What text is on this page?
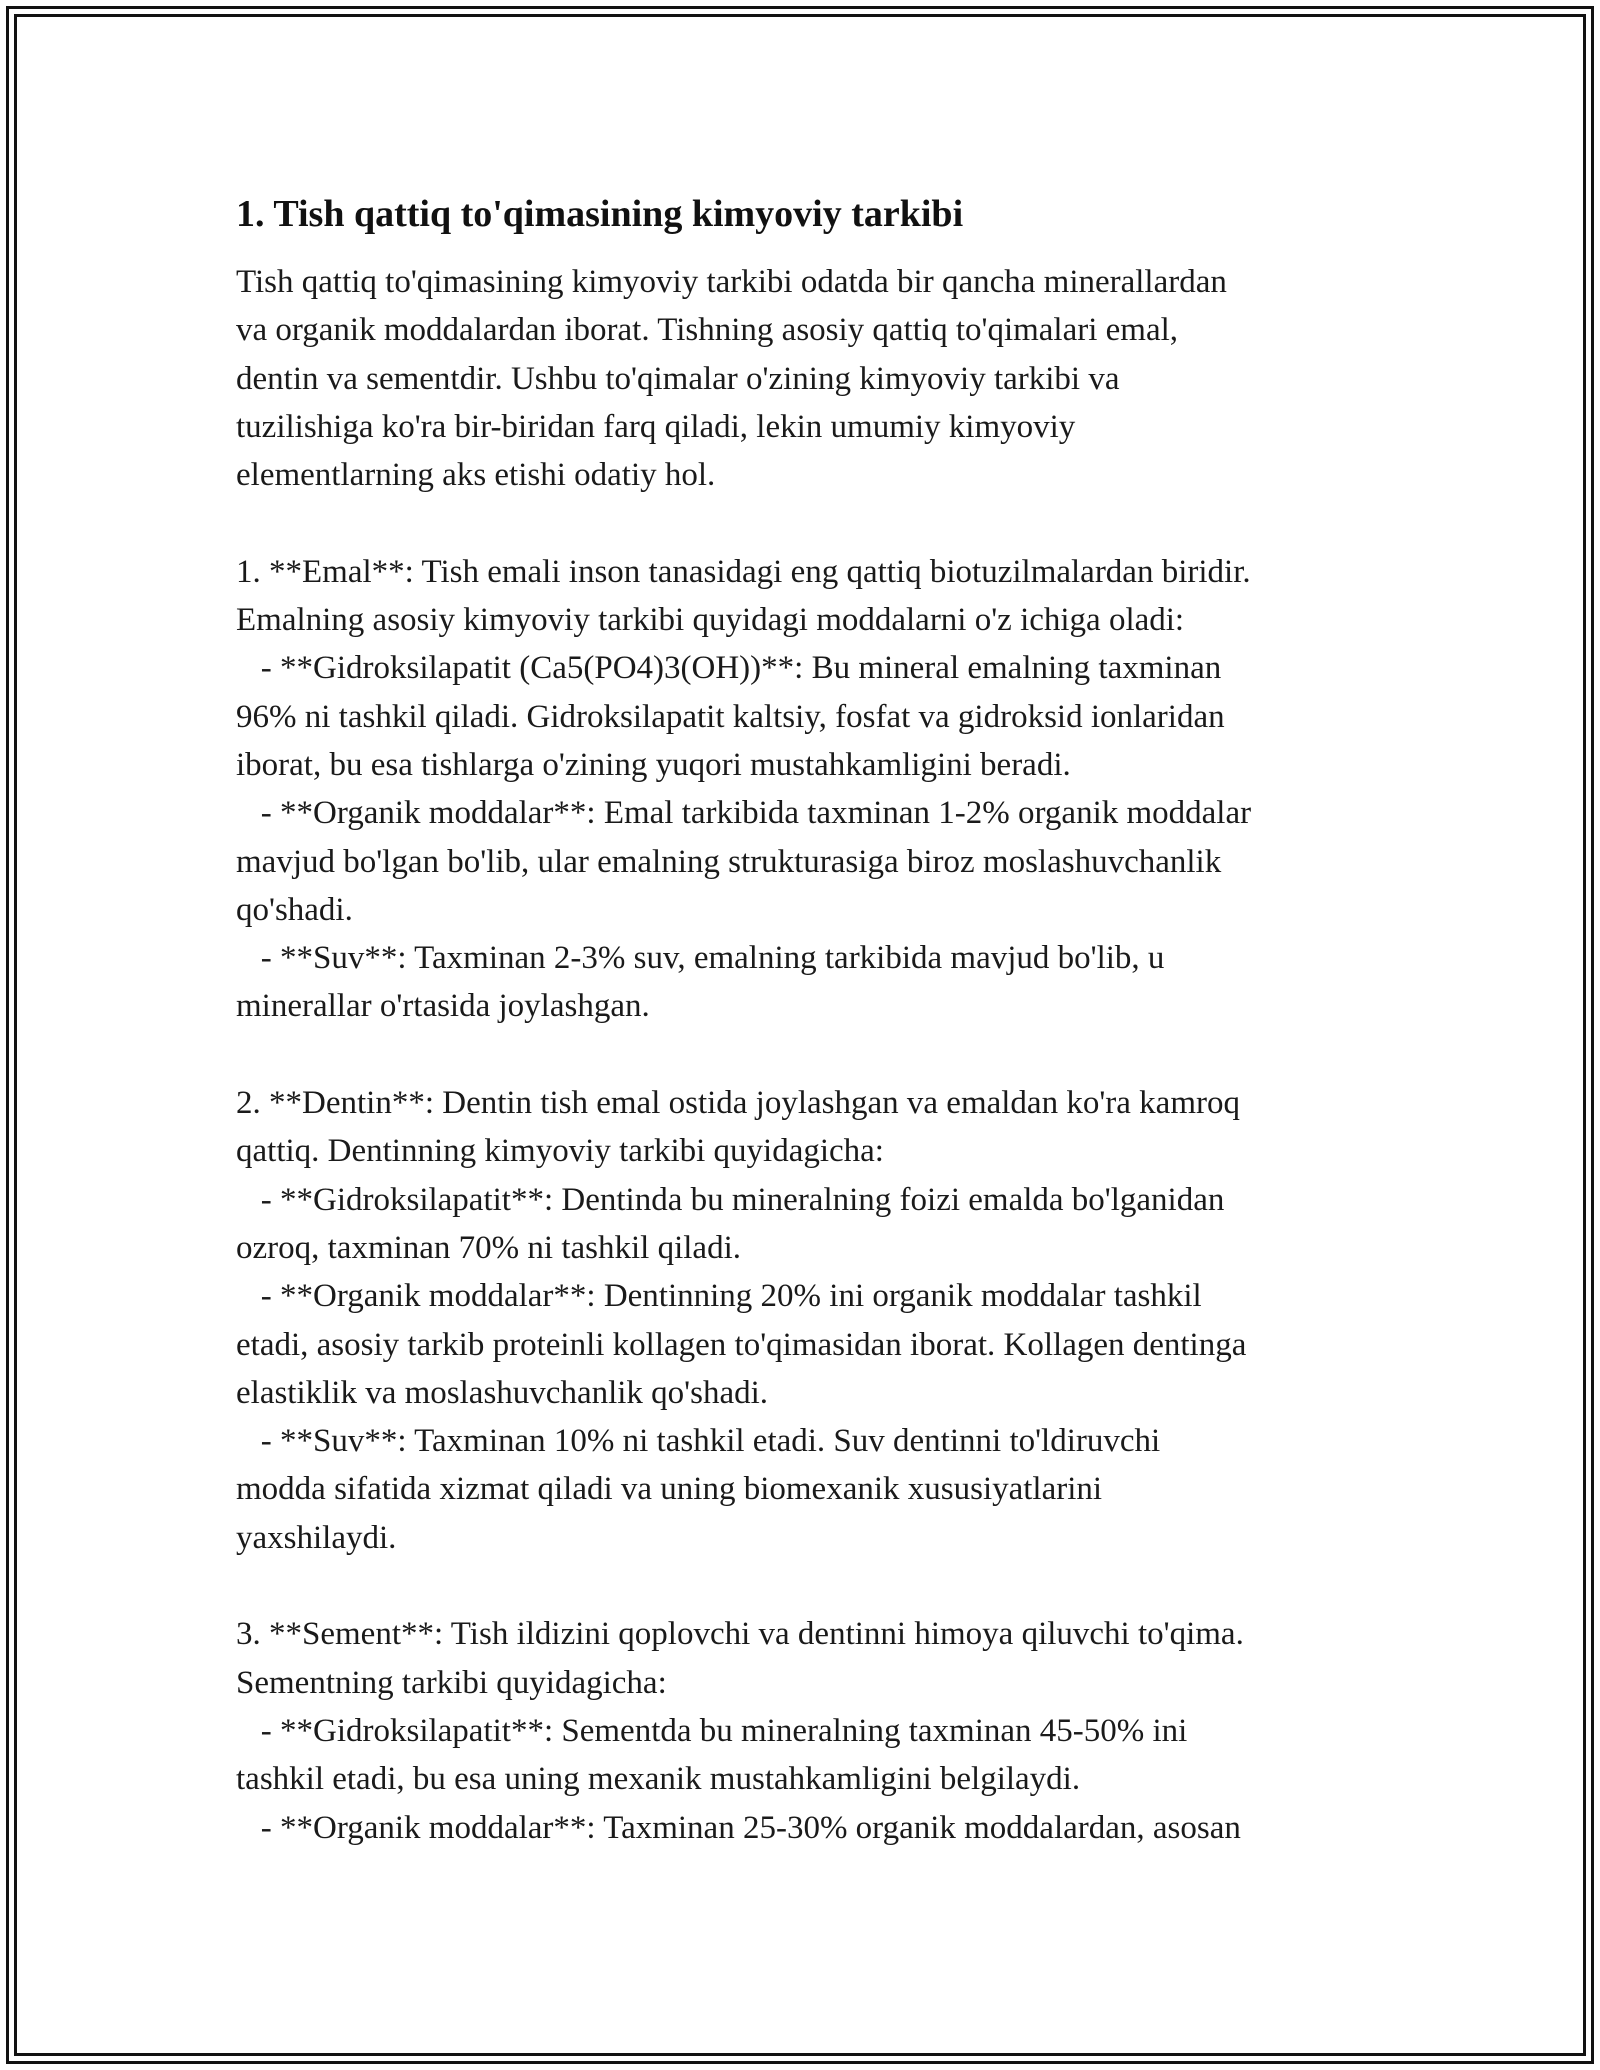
1. Tish qattiq to'qimasining kimyoviy tarkibi

Tish qattiq to'qimasining kimyoviy tarkibi odatda bir qancha minerallardan
va organik moddalardan iborat. Tishning asosiy qattiq to'qimalari emal,
dentin va sementdir. Ushbu to'qimalar o'zining kimyoviy tarkibi va
tuzilishiga ko'ra bir-biridan farq qiladi, lekin umumiy kimyoviy
elementlarning aks etishi odatiy hol.

1. **Emal**: Tish emali inson tanasidagi eng qattiq biotuzilmalardan biridir.
Emalning asosiy kimyoviy tarkibi quyidagi moddalarni o'z ichiga oladi:

- **Gidroksilapatit (Ca5(PO4)3(OH))**: Bu mineral emalning taxminan
96% ni tashkil qiladi. Gidroksilapatit kaltsiy, fosfat va gidroksid ionlaridan
iborat, bu esa tishlarga o'zining yuqori mustahkamligini beradi.

- **Organik moddalar**: Emal tarkibida taxminan 1-2% organik moddalar
mavjud bo'lgan bo'lib, ular emalning strukturasiga biroz moslashuvchanlik
qo'shadi.

- **Suv**: Taxminan 2-3% suv, emalning tarkibida mavjud bo'lib, u
minerallar o'rtasida joylashgan.

2. **Dentin**: Dentin tish emal ostida joylashgan va emaldan ko'ra kamroq
qattiq. Dentinning kimyoviy tarkibi quyidagicha:

- **Gidroksilapatit**: Dentinda bu mineralning foizi emalda bo'lganidan
ozroq, taxminan 70% ni tashkil qiladi.

- **Organik moddalar**: Dentinning 20% ini organik moddalar tashkil
etadi, asosiy tarkib proteinli kollagen to'qimasidan iborat. Kollagen dentinga
elastiklik va moslashuvchanlik qo'shadi.

- **Suv**: Taxminan 10% ni tashkil etadi. Suv dentinni to'ldiruvchi
modda sifatida xizmat qiladi va uning biomexanik xususiyatlarini
yaxshilaydi.

3. **Sement**: Tish ildizini qoplovchi va dentinni himoya qiluvchi to'qima.
Sementning tarkibi quyidagicha:

- **Gidroksilapatit**: Sementda bu mineralning taxminan 45-50% ini
tashkil etadi, bu esa uning mexanik mustahkamligini belgilaydi.

- **Organik moddalar**: Taxminan 25-30% organik moddalardan, asosan
